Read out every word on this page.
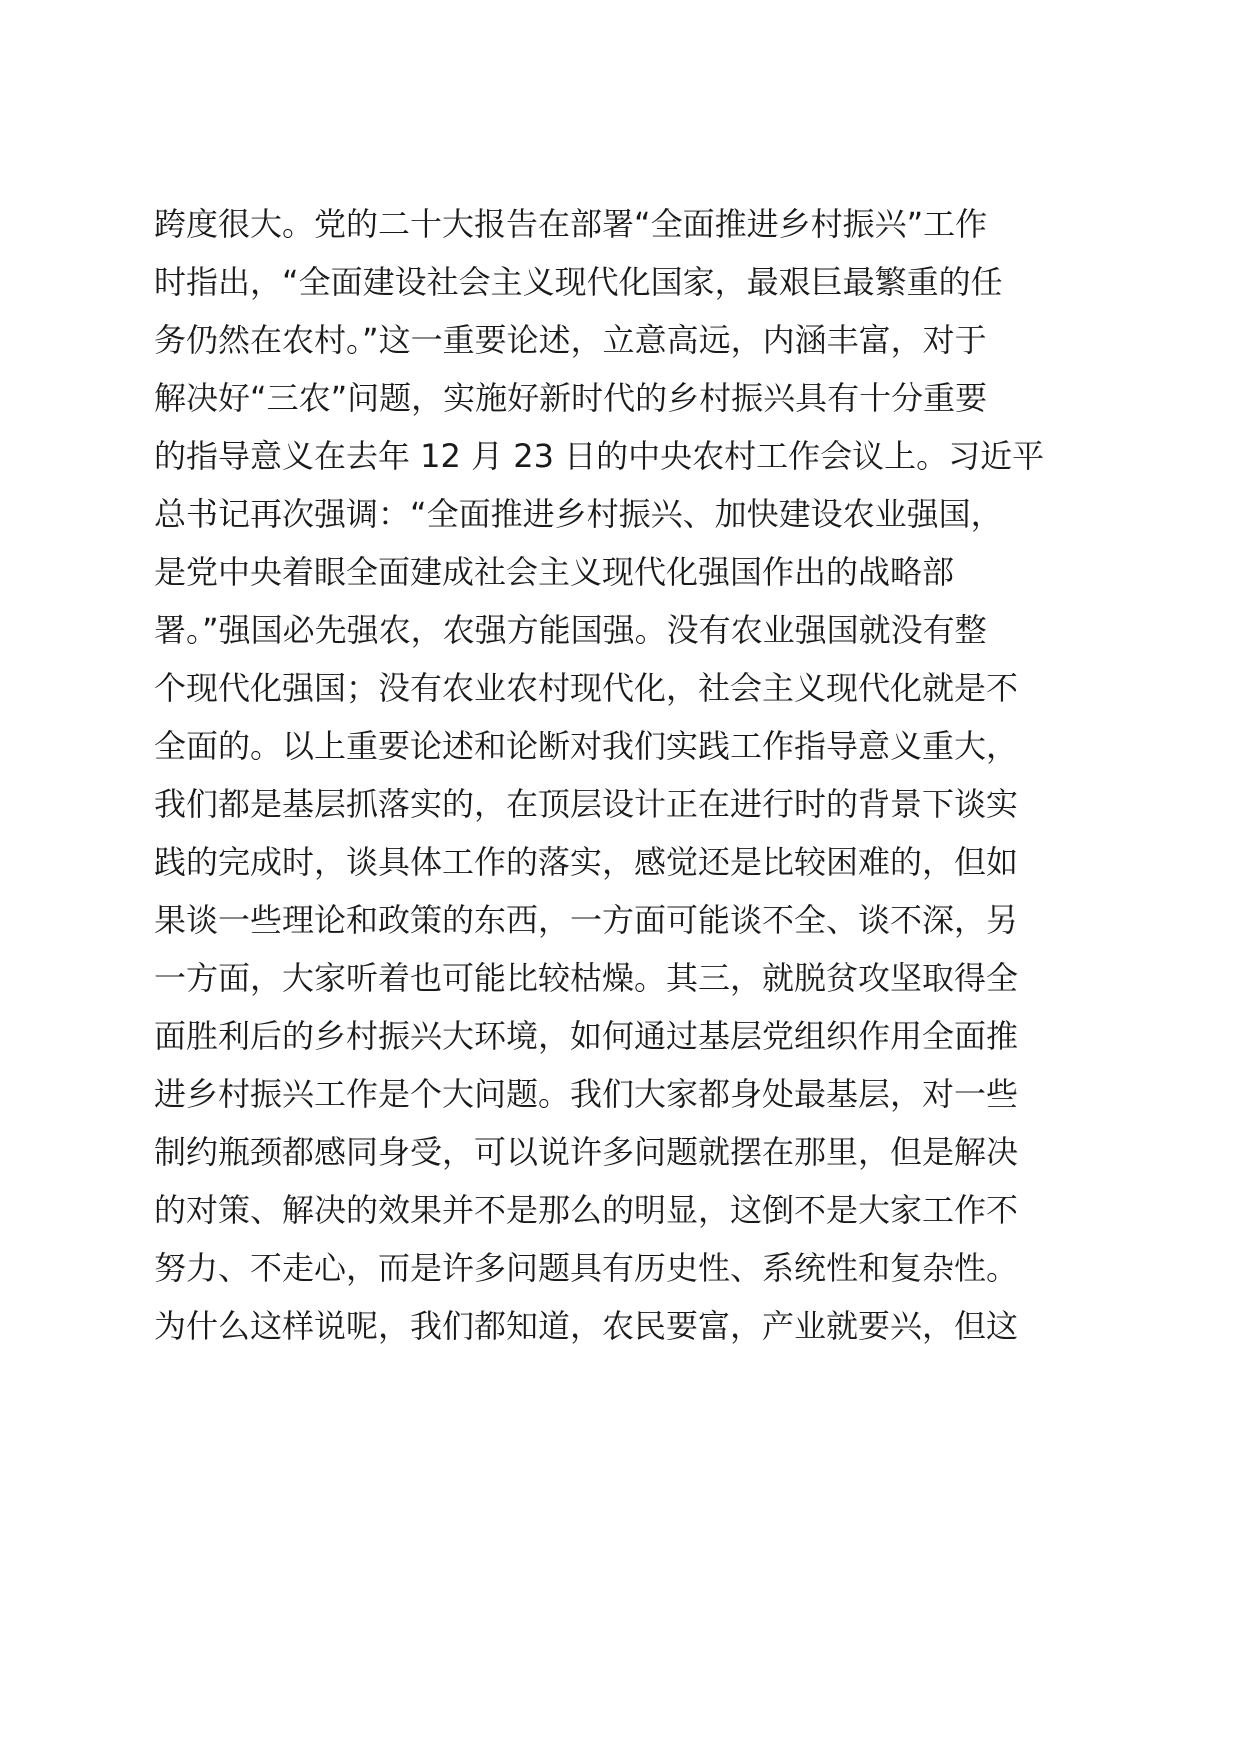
跨度很大。党的二十大报告在部署“全面推进乡村振兴”工作

时指出，“全面建设社会主义现代化国家，最艰巨最繁重的任

务仍然在农村。”这一重要论述，立意高远，内涵丰富，对于

解决好“三农”问题，实施好新时代的乡村振兴具有十分重要

的指导意义在去年 12 月 23 日的中央农村工作会议上。习近平

总书记再次强调：“全面推进乡村振兴、加快建设农业强国，

是党中央着眼全面建成社会主义现代化强国作出的战略部

署。”强国必先强农，农强方能国强。没有农业强国就没有整

个现代化强国；没有农业农村现代化，社会主义现代化就是不

全面的。以上重要论述和论断对我们实践工作指导意义重大，

我们都是基层抓落实的，在顶层设计正在进行时的背景下谈实

践的完成时，谈具体工作的落实，感觉还是比较困难的，但如

果谈一些理论和政策的东西，一方面可能谈不全、谈不深，另

一方面，大家听着也可能比较枯燥。其三，就脱贫攻坚取得全

面胜利后的乡村振兴大环境，如何通过基层党组织作用全面推

进乡村振兴工作是个大问题。我们大家都身处最基层，对一些

制约瓶颈都感同身受，可以说许多问题就摆在那里，但是解决

的对策、解决的效果并不是那么的明显，这倒不是大家工作不

努力、不走心，而是许多问题具有历史性、系统性和复杂性。

为什么这样说呢，我们都知道，农民要富，产业就要兴，但这
